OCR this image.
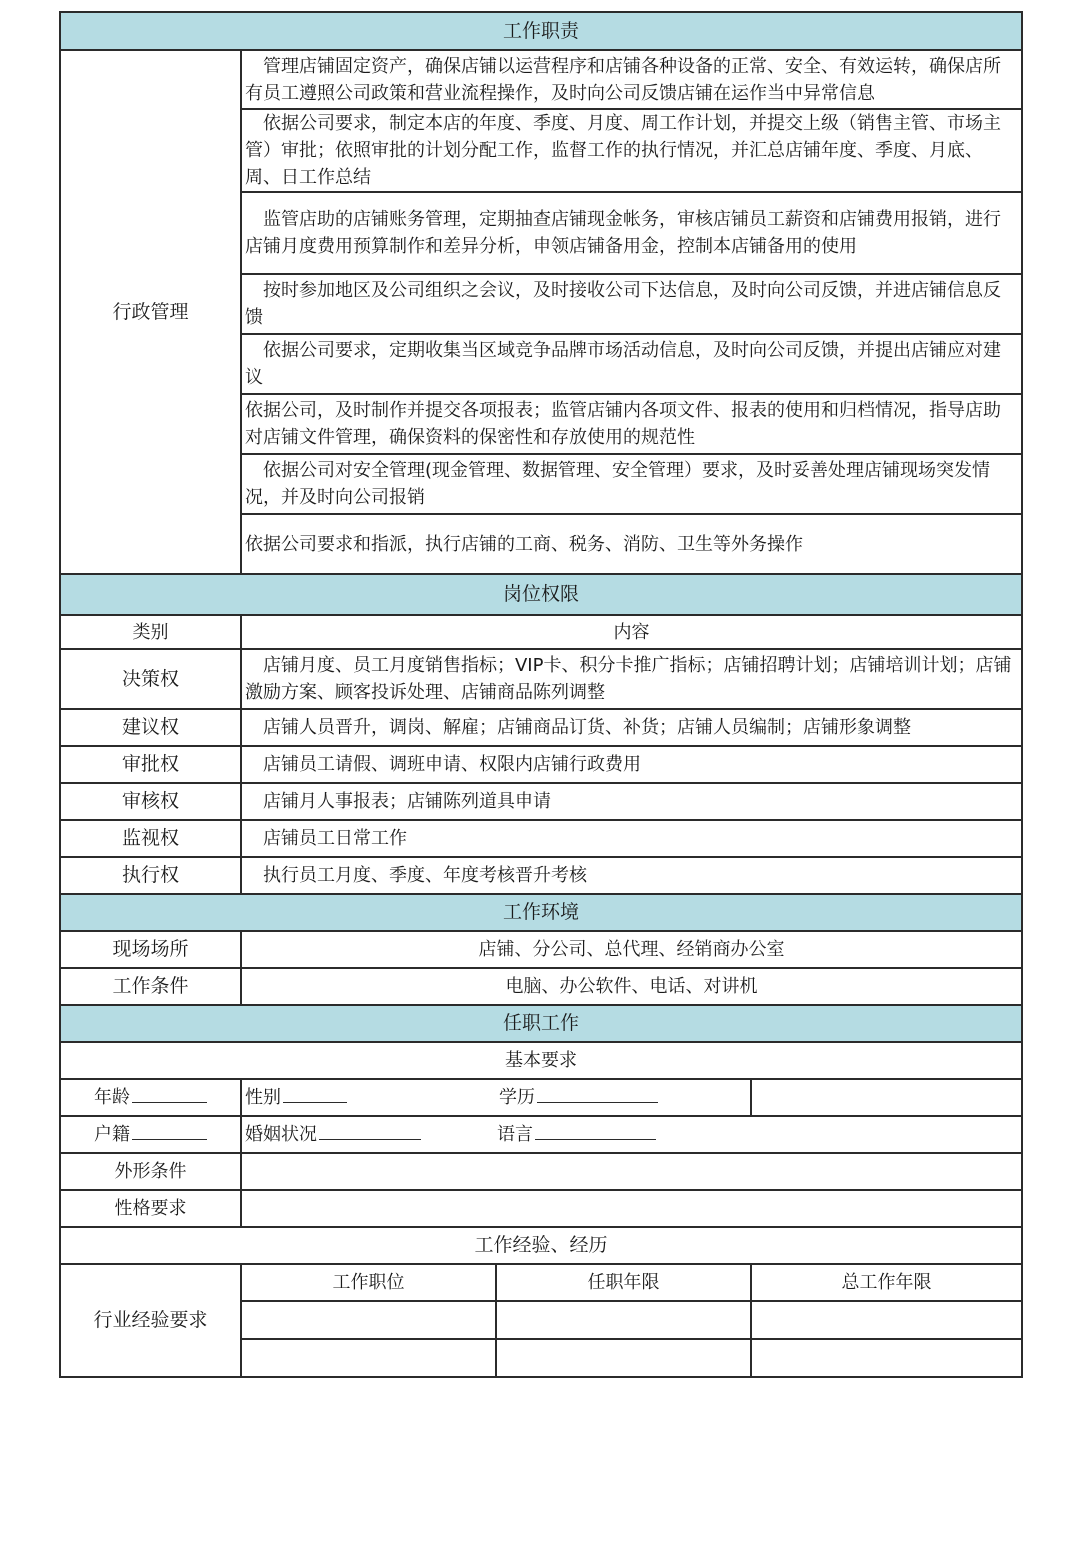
工作职责			
行政管理	管理店铺固定资产，确保店铺以运营程序和店铺各种设备的正常、安全、有效运转，确保店所有员工遵照公司政策和营业流程操作，及时向公司反馈店铺在运作当中异常信息		
	依据公司要求，制定本店的年度、季度、月度、周工作计划，并提交上级（销售主管、市场主管）审批；依照审批的计划分配工作，监督工作的执行情况，并汇总店铺年度、季度、月底、周、日工作总结		
	监管店助的店铺账务管理，定期抽查店铺现金帐务，审核店铺员工薪资和店铺费用报销，进行店铺月度费用预算制作和差异分析，申领店铺备用金，控制本店铺备用的使用		
	按时参加地区及公司组织之会议，及时接收公司下达信息，及时向公司反馈，并进店铺信息反馈		
	依据公司要求，定期收集当区域竞争品牌市场活动信息，及时向公司反馈，并提出店铺应对建议		
	依据公司，及时制作并提交各项报表；监管店铺内各项文件、报表的使用和归档情况，指导店助对店铺文件管理，确保资料的保密性和存放使用的规范性		
	依据公司对安全管理(现金管理、数据管理、安全管理）要求，及时妥善处理店铺现场突发情况，并及时向公司报销		
	依据公司要求和指派，执行店铺的工商、税务、消防、卫生等外务操作		
岗位权限			
类别	内容		
决策权	店铺月度、员工月度销售指标；VIP卡、积分卡推广指标；店铺招聘计划；店铺培训计划；店铺激励方案、顾客投诉处理、店铺商品陈列调整		
建议权	店铺人员晋升，调岗、解雇；店铺商品订货、补货；店铺人员编制；店铺形象调整		
审批权	店铺员工请假、调班申请、权限内店铺行政费用		
审核权	店铺月人事报表；店铺陈列道具申请		
监视权	店铺员工日常工作		
执行权	执行员工月度、季度、年度考核晋升考核		
工作环境			
现场场所	店铺、分公司、总代理、经销商办公室		
工作条件	电脑、办公软件、电话、对讲机		
任职工作			
基本要求			
年龄	性别 学历		
户籍	婚姻状况 语言		
外形条件			
性格要求			
工作经验、经历			
行业经验要求	工作职位	任职年限	总工作年限
